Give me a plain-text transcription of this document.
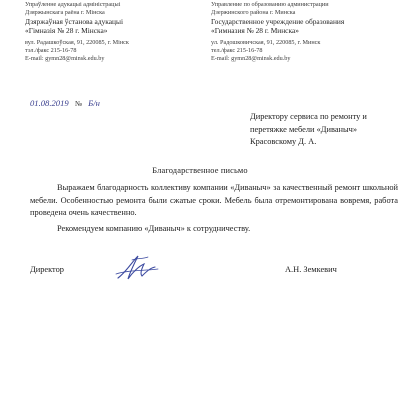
Упраўленне адукацыі адміністрацыі
Дзяржынскага раёна г. Мінска
Дзяржаўная ўстанова адукацыі
«Гімназія № 28 г. Мінска»
вул. Радашкоўская, 91, 220085, г. Мінск
тэл./факс 215-16-78
E-mail: gymn28@minsk.edu.by
Управление по образованию администрации
Дзержинского района г. Минска
Государственное учреждение образования
«Гимназия № 28 г. Минска»
ул. Радошковичская, 91, 220085, г. Минск
тел./факс 215-16-78
E-mail: gymn28@minsk.edu.by
01.08.2019 № Б/н
Директору сервиса по ремонту и
перетяжке мебели «Диваныч»
Красовскому Д. А.
Благодарственное письмо

Выражаем благодарность коллективу компании «Диваныч» за качественный ремонт школьной мебели. Особенностью ремонта были сжатые сроки. Мебель была отремонтирована вовремя, работа проведена очень качественно.

Рекомендуем компанию «Диваныч» к сотрудничеству.

Директор	А.Н. Земкевич
